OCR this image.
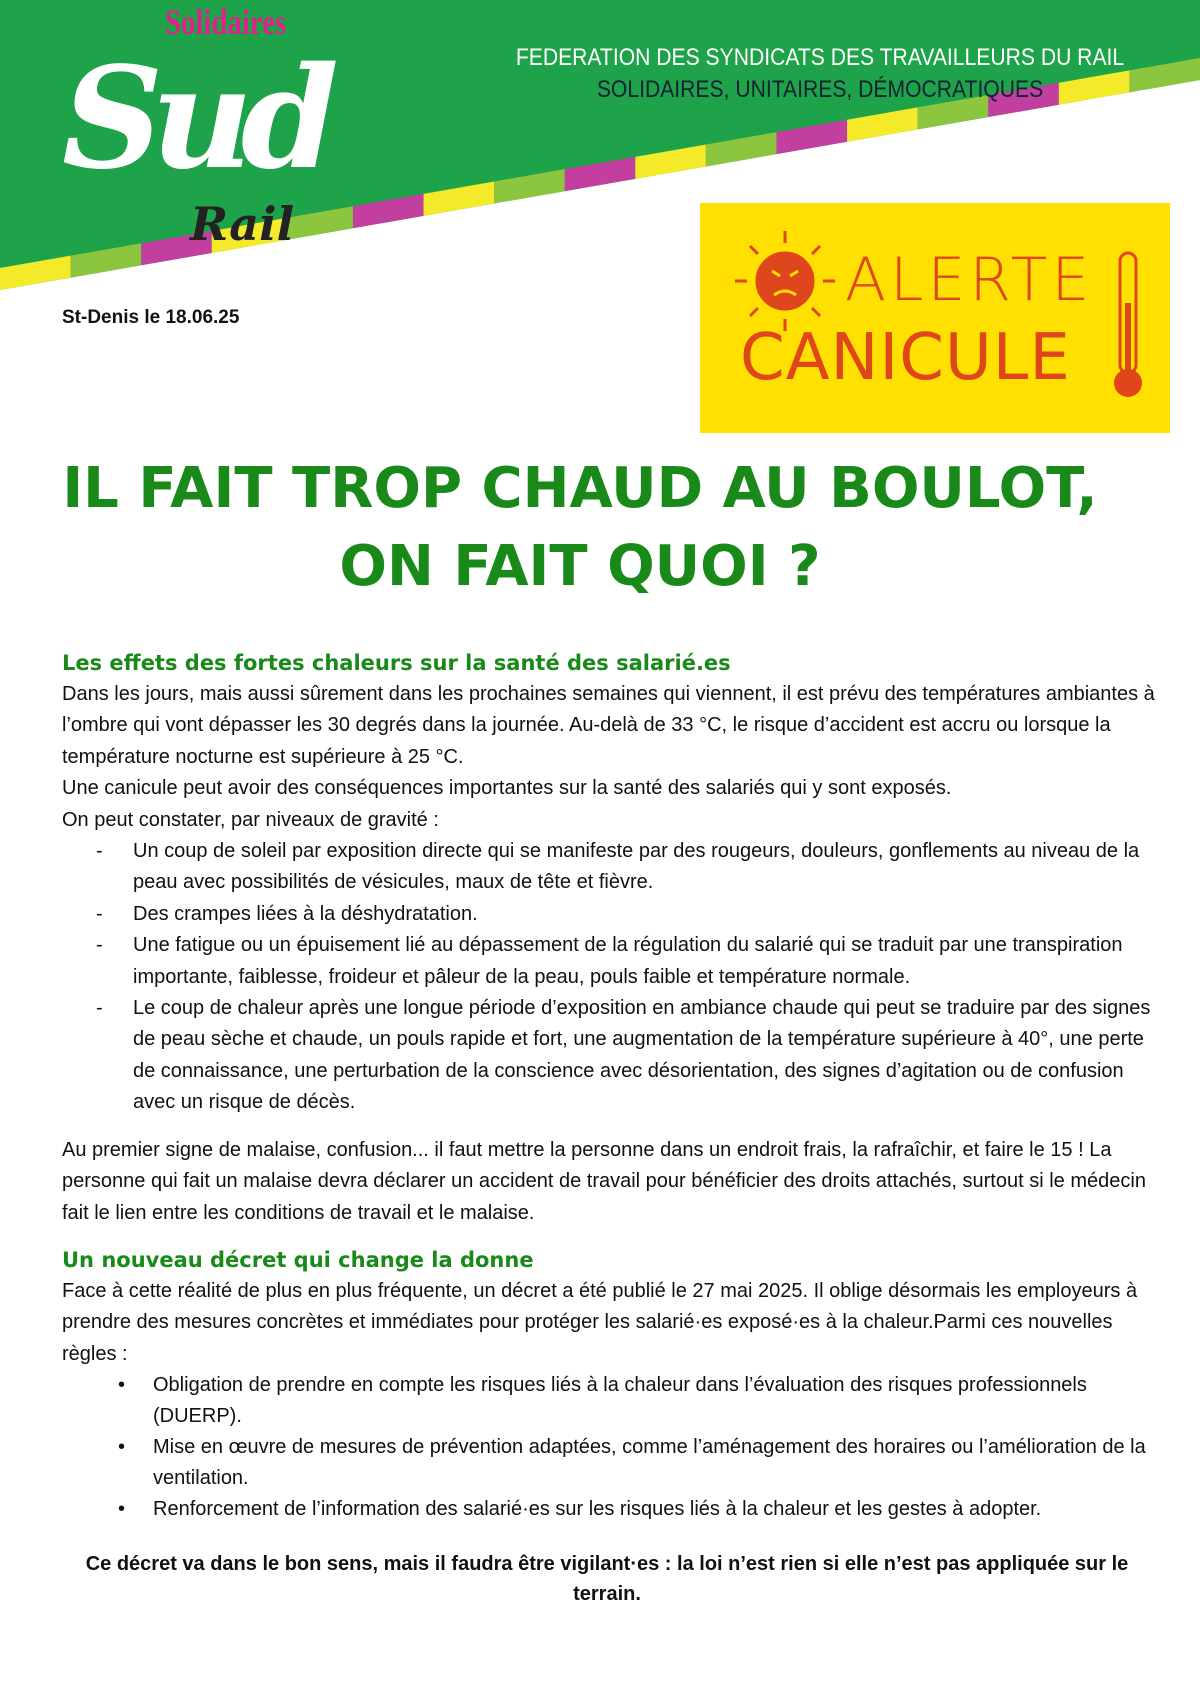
Solidaires
Sud
Rail
FEDERATION DES SYNDICATS DES TRAVAILLEURS DU RAIL
SOLIDAIRES, UNITAIRES, DÉMOCRATIQUES
St-Denis le 18.06.25
ALERTE
CANICULE
IL FAIT TROP CHAUD AU BOULOT,
ON FAIT QUOI ?
Les effets des fortes chaleurs sur la santé des salarié.es

Dans les jours, mais aussi sûrement dans les prochaines semaines qui viennent, il est prévu des températures ambiantes à l’ombre qui vont dépasser les 30 degrés dans la journée. Au-delà de 33 °C, le risque d’accident est accru ou lorsque la température nocturne est supérieure à 25 °C.

Une canicule peut avoir des conséquences importantes sur la santé des salariés qui y sont exposés.

On peut constater, par niveaux de gravité :

- Un coup de soleil par exposition directe qui se manifeste par des rougeurs, douleurs, gonflements au niveau de la peau avec possibilités de vésicules, maux de tête et fièvre.
- Des crampes liées à la déshydratation.
- Une fatigue ou un épuisement lié au dépassement de la régulation du salarié qui se traduit par une transpiration importante, faiblesse, froideur et pâleur de la peau, pouls faible et température normale.
- Le coup de chaleur après une longue période d’exposition en ambiance chaude qui peut se traduire par des signes de peau sèche et chaude, un pouls rapide et fort, une augmentation de la température supérieure à 40°, une perte de connaissance, une perturbation de la conscience avec désorientation, des signes d’agitation ou de confusion avec un risque de décès.

Au premier signe de malaise, confusion... il faut mettre la personne dans un endroit frais, la rafraîchir, et faire le 15 ! La personne qui fait un malaise devra déclarer un accident de travail pour bénéficier des droits attachés, surtout si le médecin fait le lien entre les conditions de travail et le malaise.

Un nouveau décret qui change la donne

Face à cette réalité de plus en plus fréquente, un décret a été publié le 27 mai 2025. Il oblige désormais les employeurs à prendre des mesures concrètes et immédiates pour protéger les salarié·es exposé·es à la chaleur.Parmi ces nouvelles règles :

• Obligation de prendre en compte les risques liés à la chaleur dans l’évaluation des risques professionnels (DUERP).
• Mise en œuvre de mesures de prévention adaptées, comme l’aménagement des horaires ou l’amélioration de la ventilation.
• Renforcement de l’information des salarié·es sur les risques liés à la chaleur et les gestes à adopter.
Ce décret va dans le bon sens, mais il faudra être vigilant·es : la loi n’est rien si elle n’est pas appliquée sur le terrain.
